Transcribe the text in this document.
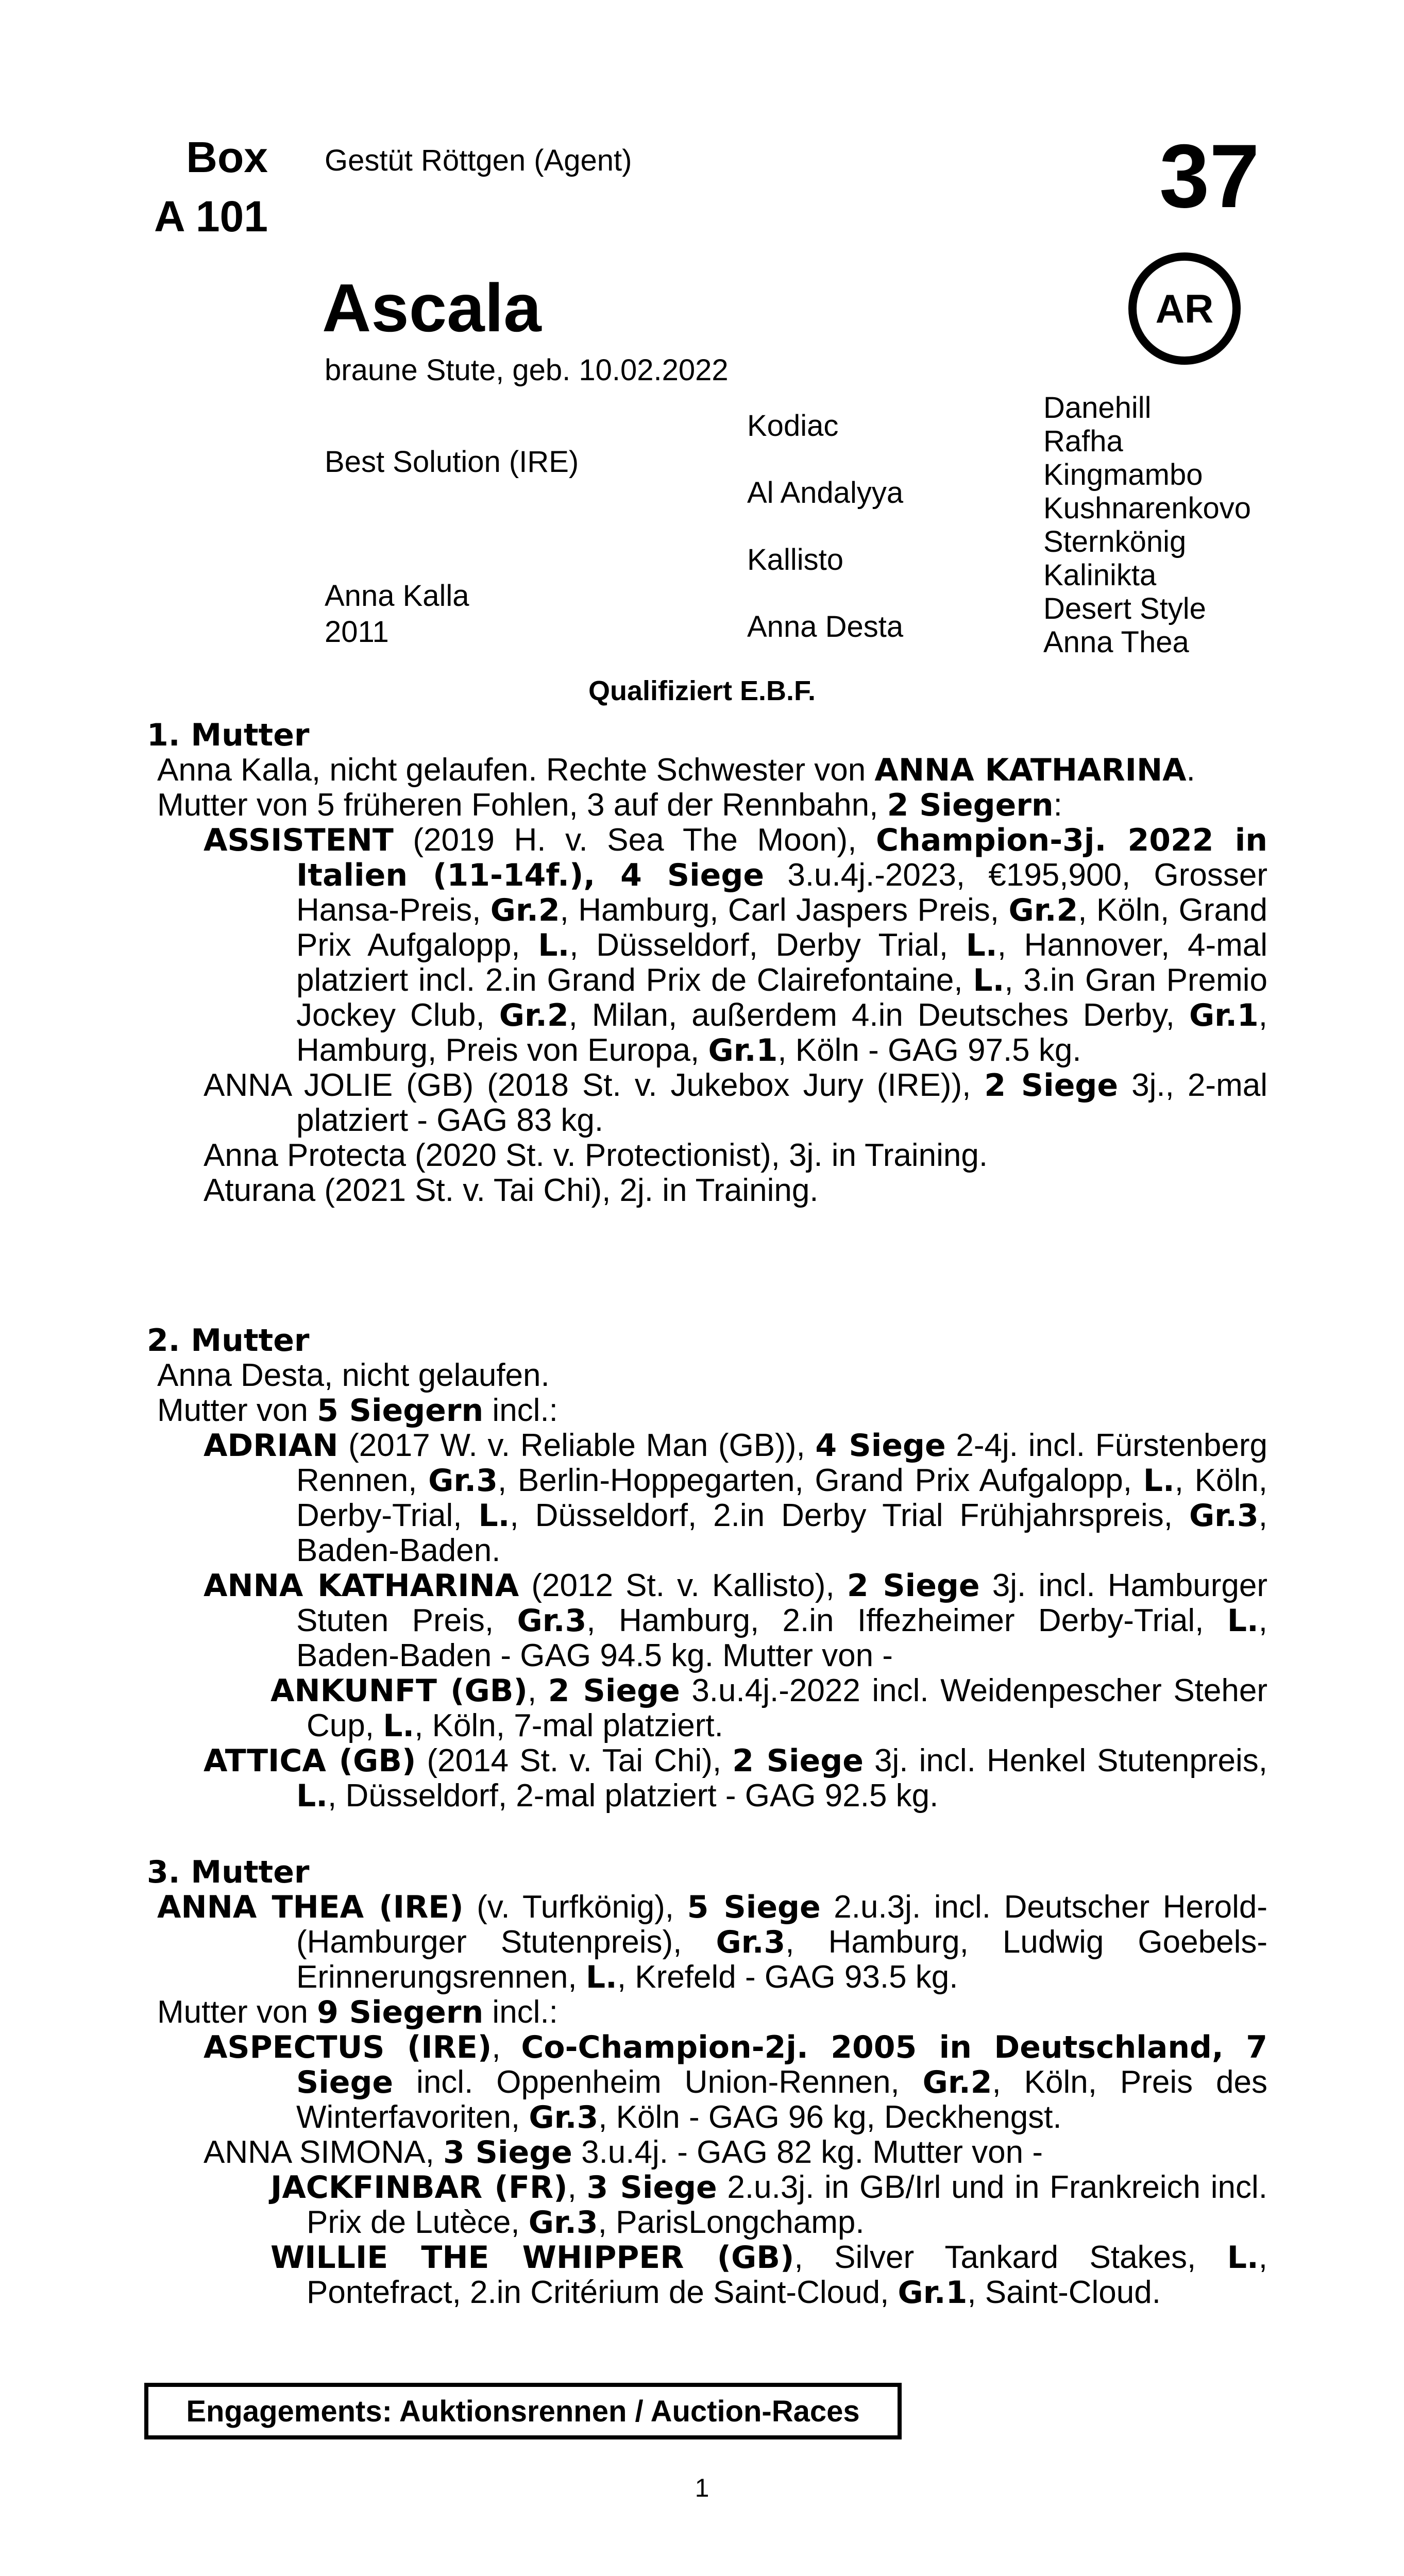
Box
A 101
Gestüt Röttgen (Agent)	37
AR
Ascala
braune Stute, geb. 10.02.2022
Best Solution (IRE)
Anna Kalla
2011
Kodiac
Al Andalyya
Kallisto
Anna Desta
Danehill
Rafha
Kingmambo
Kushnarenkovo
Sternkönig
Kalinikta
Desert Style
Anna Thea
Qualifiziert E.B.F.
1. Mutter

Anna Kalla, nicht gelaufen. Rechte Schwester von ANNA KATHARINA.

Mutter von 5 früheren Fohlen, 3 auf der Rennbahn, 2 Siegern:

ASSISTENT (2019 H. v. Sea The Moon), Champion-3j. 2022 in Italien (11-14f.), 4 Siege 3.u.4j.-2023, €195,900, Grosser Hansa-Preis, Gr.2, Hamburg, Carl Jaspers Preis, Gr.2, Köln, Grand Prix Aufgalopp, L., Düsseldorf, Derby Trial, L., Hannover, 4-mal platziert incl. 2.in Grand Prix de Clairefontaine, L., 3.in Gran Premio Jockey Club, Gr.2, Milan, außerdem 4.in Deutsches Derby, Gr.1, Hamburg, Preis von Europa, Gr.1, Köln - GAG 97.5 kg.

ANNA JOLIE (GB) (2018 St. v. Jukebox Jury (IRE)), 2 Siege 3j., 2-mal platziert - GAG 83 kg.

Anna Protecta (2020 St. v. Protectionist), 3j. in Training.

Aturana (2021 St. v. Tai Chi), 2j. in Training.

2. Mutter

Anna Desta, nicht gelaufen.

Mutter von 5 Siegern incl.:

ADRIAN (2017 W. v. Reliable Man (GB)), 4 Siege 2-4j. incl. Fürstenberg Rennen, Gr.3, Berlin-Hoppegarten, Grand Prix Aufgalopp, L., Köln, Derby-Trial, L., Düsseldorf, 2.in Derby Trial Frühjahrspreis, Gr.3, Baden-Baden.

ANNA KATHARINA (2012 St. v. Kallisto), 2 Siege 3j. incl. Hamburger Stuten Preis, Gr.3, Hamburg, 2.in Iffezheimer Derby-Trial, L., Baden-Baden - GAG 94.5 kg. Mutter von -

ANKUNFT (GB), 2 Siege 3.u.4j.-2022 incl. Weidenpescher Steher Cup, L., Köln, 7-mal platziert.

ATTICA (GB) (2014 St. v. Tai Chi), 2 Siege 3j. incl. Henkel Stutenpreis, L., Düsseldorf, 2-mal platziert - GAG 92.5 kg.

3. Mutter

ANNA THEA (IRE) (v. Turfkönig), 5 Siege 2.u.3j. incl. Deutscher Herold-(Hamburger Stutenpreis), Gr.3, Hamburg, Ludwig Goebels-Erinnerungsrennen, L., Krefeld - GAG 93.5 kg.

Mutter von 9 Siegern incl.:

ASPECTUS (IRE), Co-Champion-2j. 2005 in Deutschland, 7 Siege incl. Oppenheim Union-Rennen, Gr.2, Köln, Preis des Winterfavoriten, Gr.3, Köln - GAG 96 kg, Deckhengst.

ANNA SIMONA, 3 Siege 3.u.4j. - GAG 82 kg. Mutter von -

JACKFINBAR (FR), 3 Siege 2.u.3j. in GB/Irl und in Frankreich incl. Prix de Lutèce, Gr.3, ParisLongchamp.

WILLIE THE WHIPPER (GB), Silver Tankard Stakes, L., Pontefract, 2.in Critérium de Saint-Cloud, Gr.1, Saint-Cloud.

Engagements: Auktionsrennen / Auction-Races
1
